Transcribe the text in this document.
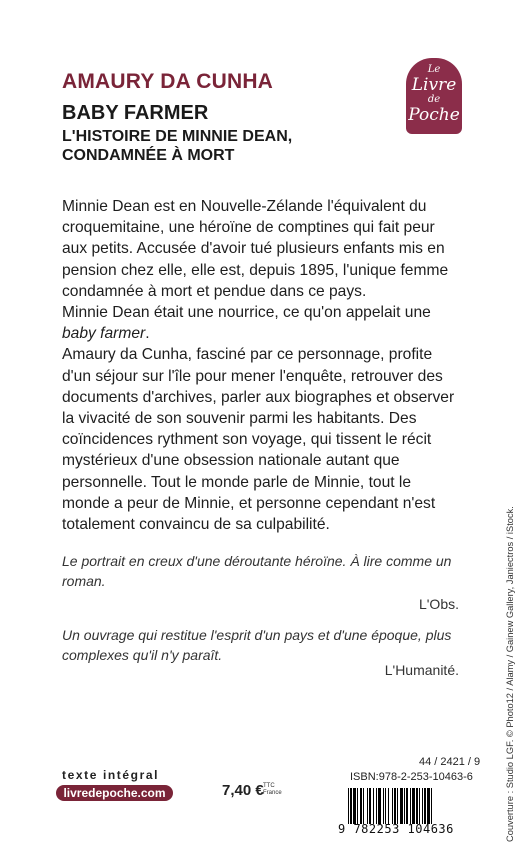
AMAURY DA CUNHA
BABY FARMER
L'HISTOIRE DE MINNIE DEAN, CONDAMNÉE À MORT
Le
Livre
de
Poche

Minnie Dean est en Nouvelle-Zélande l'équivalent du croquemitaine, une héroïne de comptines qui fait peur aux petits. Accusée d'avoir tué plusieurs enfants mis en pension chez elle, elle est, depuis 1895, l'unique femme condamnée à mort et pendue dans ce pays.

Minnie Dean était une nourrice, ce qu'on appelait une baby farmer.

Amaury da Cunha, fasciné par ce personnage, profite d'un séjour sur l'île pour mener l'enquête, retrouver des documents d'archives, parler aux biographes et observer la vivacité de son souvenir parmi les habitants. Des coïncidences rythment son voyage, qui tissent le récit mystérieux d'une obsession nationale autant que personnelle. Tout le monde parle de Minnie, tout le monde a peur de Minnie, et personne cependant n'est totalement convaincu de sa culpabilité.

Le portrait en creux d'une déroutante héroïne. À lire comme un roman.
L'Obs.
Un ouvrage qui restitue l'esprit d'un pays et d'une époque, plus complexes qu'il n'y paraît.
L'Humanité.
texte intégral
livredepoche.com	7,40 € TTC
France
44 / 2421 / 9
ISBN:978-2-253-10463-6
9 782253 104636	Couverture : Studio LGF. © Photo12 / Alamy / Gainew Gallery, Janiectros / iStock.
